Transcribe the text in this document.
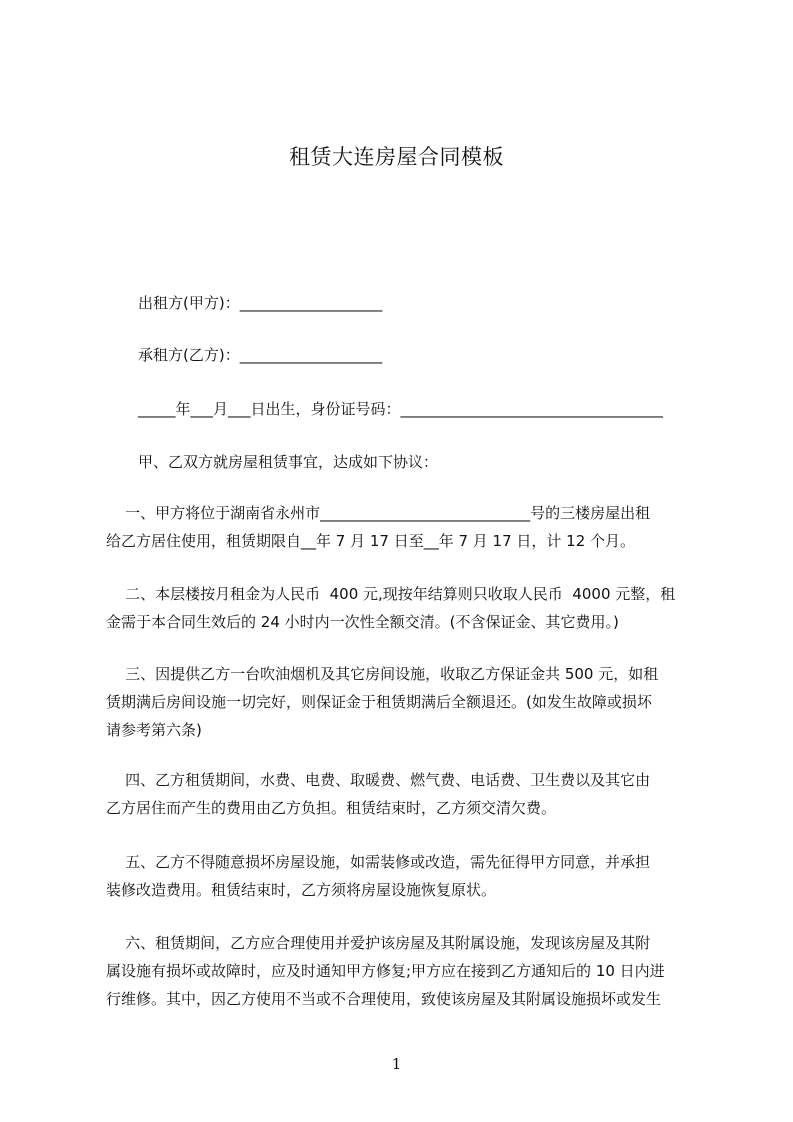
租赁大连房屋合同模板
出租方(甲方)：___________________
承租方(乙方)：___________________
_____年___月___日出生，身份证号码：___________________________________
甲、乙双方就房屋租赁事宜，达成如下协议：
一、甲方将位于湖南省永州市____________________________号的三楼房屋出租
给乙方居住使用，租赁期限自__年 7 月 17 日至__年 7 月 17 日，计 12 个月。
二、本层楼按月租金为人民币  400 元,现按年结算则只收取人民币  4000 元整，租
金需于本合同生效后的 24 小时内一次性全额交清。(不含保证金、其它费用。)
三、因提供乙方一台吹油烟机及其它房间设施，收取乙方保证金共 500 元，如租
赁期满后房间设施一切完好，则保证金于租赁期满后全额退还。(如发生故障或损坏
请参考第六条)
四、乙方租赁期间，水费、电费、取暖费、燃气费、电话费、卫生费以及其它由
乙方居住而产生的费用由乙方负担。租赁结束时，乙方须交清欠费。
五、乙方不得随意损坏房屋设施，如需装修或改造，需先征得甲方同意，并承担
装修改造费用。租赁结束时，乙方须将房屋设施恢复原状。
六、租赁期间，乙方应合理使用并爱护该房屋及其附属设施，发现该房屋及其附
属设施有损坏或故障时，应及时通知甲方修复;甲方应在接到乙方通知后的 10 日内进
行维修。其中，因乙方使用不当或不合理使用，致使该房屋及其附属设施损坏或发生
1
